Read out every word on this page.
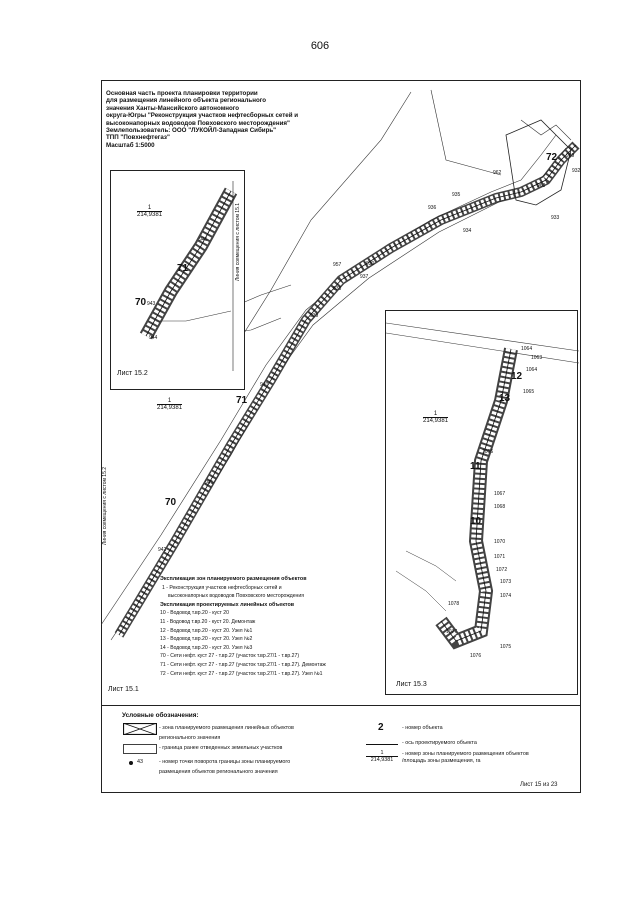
606
1
214,9381
71
70
72
Линия совмещения с листом 15.2
962
969
932
968
935
936
933
937
934
930
957
938
939
940
941
942
Основная часть проекта планировки территории
для размещения линейного объекта регионального
значения Ханты-Мансийского автономного
округа-Югры "Реконструкция участков нефтесборных сетей и
высоконапорных водоводов Повховского месторождения"
Землепользователь: ООО "ЛУКОЙЛ-Западная Сибирь"
ТПП "Повхнефтегаз"
Масштаб 1:5000
1
214,9381
71
70
944
943
946	Линия совмещения с листом 15.1
Лист 15.2
1
214,9381
12
13
11
10
1064
1063
1064
1065
1066
1067
1068
1070
1071
1072
1073
1074
1075
1076
1077
1078
Лист 15.3
Экспликация зон планируемого размещения объектов
1 - Реконструкция участков нефтесборных сетей и
высоконапорных водоводов Повховского месторождения
Экспликация проектируемых линейных объектов
10 - Водовод т.вр.20 - куст 20
11 - Водовод т.вр.20 - куст 20. Демонтаж
12 - Водовод т.вр.20 - куст 20. Узел №1
13 - Водовод т.вр.20 - куст 20. Узел №2
14 - Водовод т.вр.20 - куст 20. Узел №3
70 - Сети нефт. куст 27 - т.вр.27 (участок т.вр.27/1 - т.вр.27)
71 - Сети нефт. куст 27 - т.вр.27 (участок т.вр.27/1 - т.вр.27). Демонтаж
72 - Сети нефт. куст 27 - т.вр.27 (участок т.вр.27/1 - т.вр.27). Узел №1
Лист 15.1
Условные обозначения:
- зона планируемого размещения линейных объектов
регионального значения
- граница ранее отведенных земельных участков
43	- номер точки поворота границы зоны планируемого
размещения объектов регионального значения
2	- номер объекта
- ось проектируемого объекта
1
214,9381
- номер зоны планируемого размещения объектов
/площадь зоны размещения, га
Лист 15 из 23
